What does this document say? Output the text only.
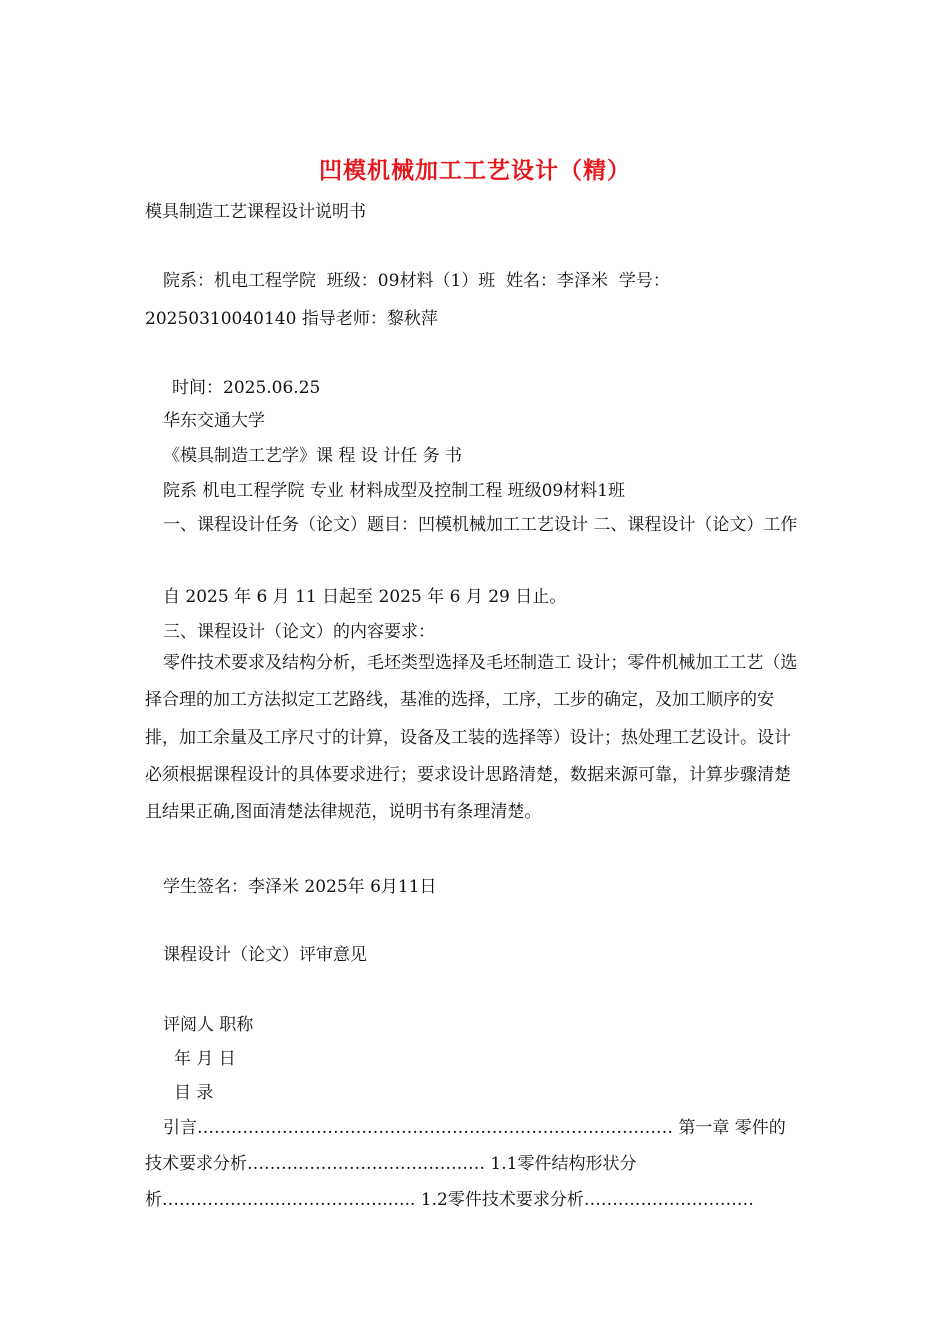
凹模机械加工工艺设计（精）
模具制造工艺课程设计说明书
院系：机电工程学院  班级：09材料（1）班  姓名：李泽米  学号：
20250310040140 指导老师：黎秋萍
时间：2025.06.25
华东交通大学
《模具制造工艺学》课 程 设 计任 务 书
院系 机电工程学院 专业 材料成型及控制工程 班级09材料1班
一、课程设计任务（论文）题目：凹模机械加工工艺设计 二、课程设计（论文）工作
自 2025 年 6 月 11 日起至 2025 年 6 月 29 日止。
三、课程设计（论文）的内容要求：
零件技术要求及结构分析，毛坯类型选择及毛坯制造工 设计；零件机械加工工艺（选择合理的加工方法拟定工艺路线，基准的选择，工序，工步的确定，及加工顺序的安排，加工余量及工序尺寸的计算，设备及工装的选择等）设计；热处理工艺设计。设计必须根据课程设计的具体要求进行；要求设计思路清楚，数据来源可靠，计算步骤清楚且结果正确,图面清楚法律规范，说明书有条理清楚。
学生签名：李泽米 2025年 6月11日
课程设计（论文）评审意见
评阅人 职称
年 月 日
目 录
引言………………………………………………………………………… 第一章 零件的技术要求分析…………………………………… 1.1零件结构形状分析………………..………………..….. 1.2零件技术要求分析…………………………
